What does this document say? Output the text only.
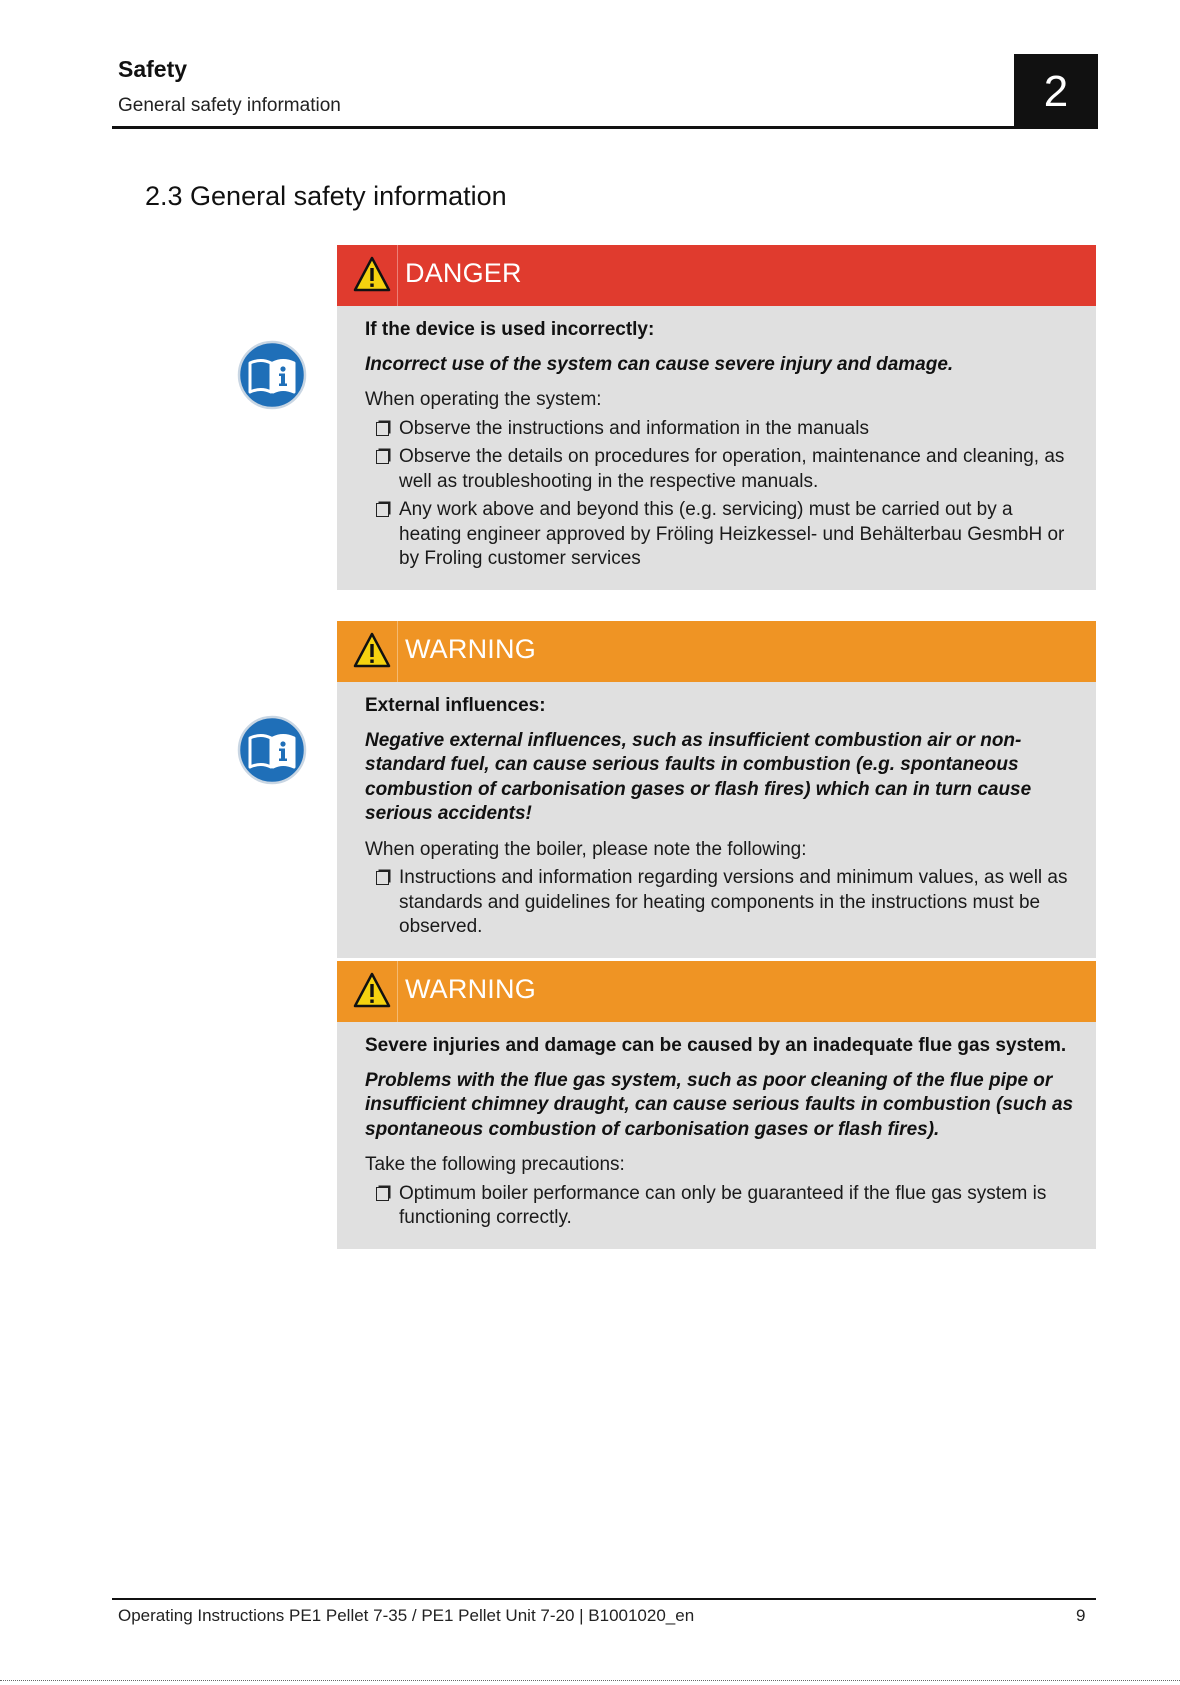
Safety
General safety information	2
2.3 General safety information
DANGER

If the device is used incorrectly:

Incorrect use of the system can cause severe injury and damage.

When operating the system:

Observe the instructions and information in the manuals
Observe the details on procedures for operation, maintenance and cleaning, as well as troubleshooting in the respective manuals.
Any work above and beyond this (e.g. servicing) must be carried out by a heating engineer approved by Fröling Heizkessel- und Behälterbau GesmbH or by Froling customer services
WARNING

External influences:

Negative external influences, such as insufficient combustion air or non-standard fuel, can cause serious faults in combustion (e.g. spontaneous combustion of carbonisation gases or flash fires) which can in turn cause serious accidents!

When operating the boiler, please note the following:

Instructions and information regarding versions and minimum values, as well as standards and guidelines for heating components in the instructions must be observed.
WARNING

Severe injuries and damage can be caused by an inadequate flue gas system.

Problems with the flue gas system, such as poor cleaning of the flue pipe or insufficient chimney draught, can cause serious faults in combustion (such as spontaneous combustion of carbonisation gases or flash fires).

Take the following precautions:

Optimum boiler performance can only be guaranteed if the flue gas system is functioning correctly.
Operating Instructions PE1 Pellet 7-35 / PE1 Pellet Unit 7-20 | B1001020_en	9
